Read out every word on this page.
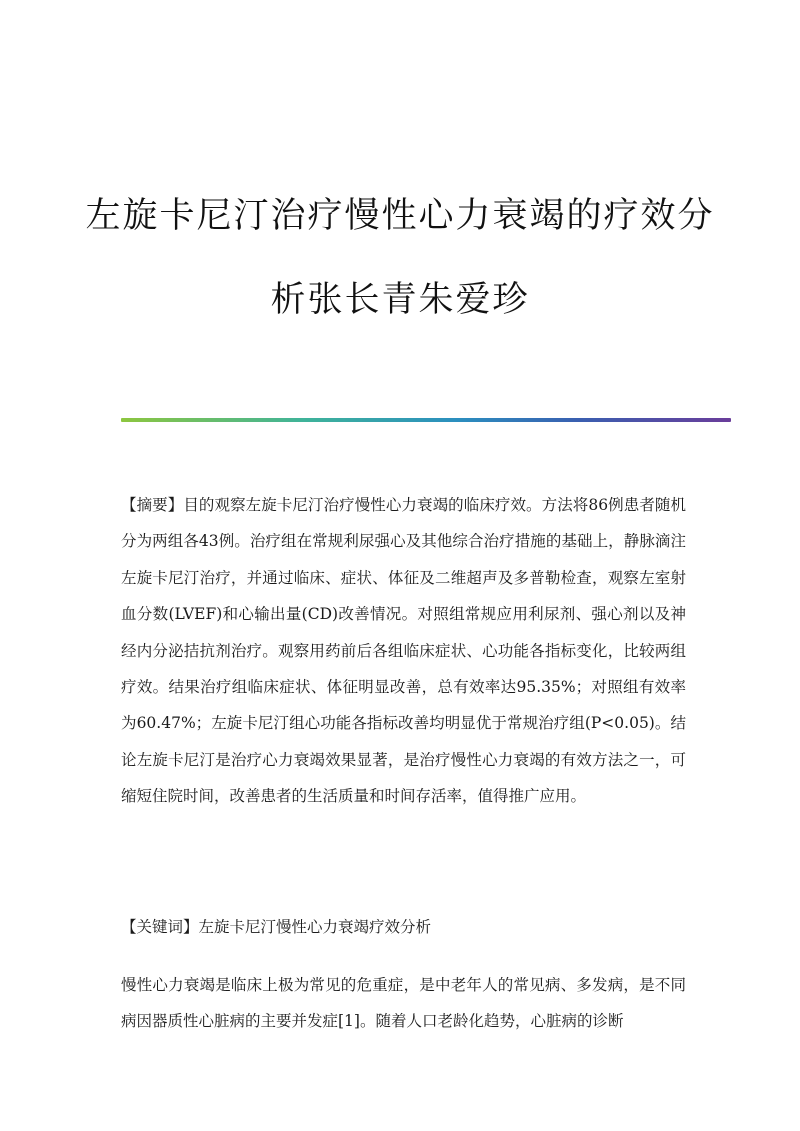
左旋卡尼汀治疗慢性心力衰竭的疗效分
析张长青朱爱珍

【摘要】目的观察左旋卡尼汀治疗慢性心力衰竭的临床疗效。方法将86例患者随机分为两组各43例。治疗组在常规利尿强心及其他综合治疗措施的基础上，静脉滴注左旋卡尼汀治疗，并通过临床、症状、体征及二维超声及多普勒检查，观察左室射血分数(LVEF)和心输出量(CD)改善情况。对照组常规应用利尿剂、强心剂以及神经内分泌拮抗剂治疗。观察用药前后各组临床症状、心功能各指标变化，比较两组疗效。结果治疗组临床症状、体征明显改善，总有效率达95.35%；对照组有效率为60.47%；左旋卡尼汀组心功能各指标改善均明显优于常规治疗组(P<0.05)。结论左旋卡尼汀是治疗心力衰竭效果显著，是治疗慢性心力衰竭的有效方法之一，可缩短住院时间，改善患者的生活质量和时间存活率，值得推广应用。

【关键词】左旋卡尼汀慢性心力衰竭疗效分析

慢性心力衰竭是临床上极为常见的危重症，是中老年人的常见病、多发病，是不同病因器质性心脏病的主要并发症[1]。随着人口老龄化趋势，心脏病的诊断
